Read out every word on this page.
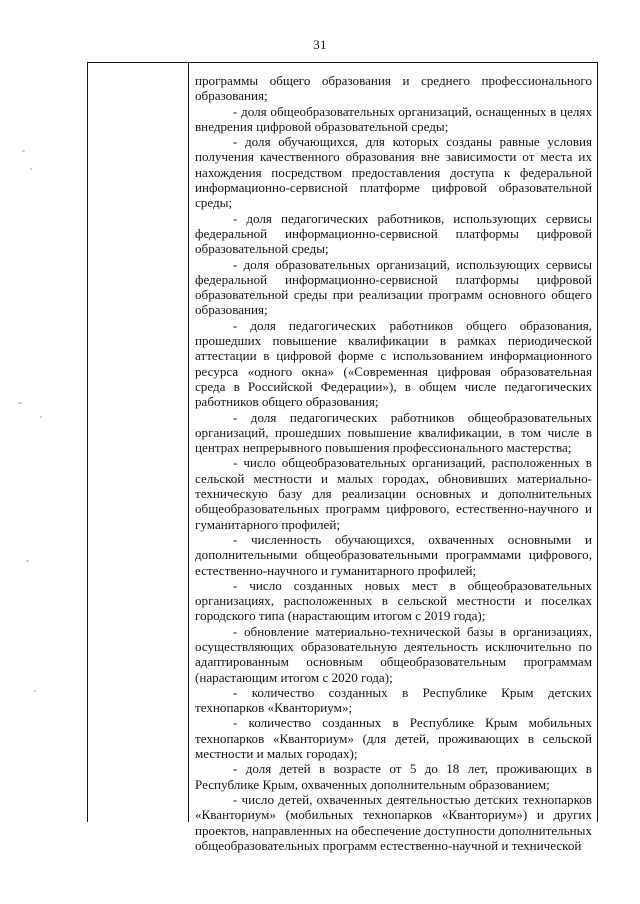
31

программы общего образования и среднего профессионального образования;

- доля общеобразовательных организаций, оснащенных в целях внедрения цифровой образовательной среды;

- доля обучающихся, для которых созданы равные условия получения качественного образования вне зависимости от места их нахождения посредством предоставления доступа к федеральной информационно-сервисной платформе цифровой образовательной среды;

- доля педагогических работников, использующих сервисы федеральной информационно-сервисной платформы цифровой образовательной среды;

- доля образовательных организаций, использующих сервисы федеральной информационно-сервисной платформы цифровой образовательной среды при реализации программ основного общего образования;

- доля педагогических работников общего образования, прошедших повышение квалификации в рамках периодической аттестации в цифровой форме с использованием информационного ресурса «одного окна» («Современная цифровая образовательная среда в Российской Федерации»), в общем числе педагогических работников общего образования;

- доля педагогических работников общеобразовательных организаций, прошедших повышение квалификации, в том числе в центрах непрерывного повышения профессионального мастерства;

- число общеобразовательных организаций, расположенных в сельской местности и малых городах, обновивших материально-техническую базу для реализации основных и дополнительных общеобразовательных программ цифрового, естественно-научного и гуманитарного профилей;

- численность обучающихся, охваченных основными и дополнительными общеобразовательными программами цифрового, естественно-научного и гуманитарного профилей;

- число созданных новых мест в общеобразовательных организациях, расположенных в сельской местности и поселках городского типа (нарастающим итогом с 2019 года);

- обновление материально-технической базы в организациях, осуществляющих образовательную деятельность исключительно по адаптированным основным общеобразовательным программам (нарастающим итогом с 2020 года);

- количество созданных в Республике Крым детских технопарков «Кванториум»;

- количество созданных в Республике Крым мобильных технопарков «Кванториум» (для детей, проживающих в сельской местности и малых городах);

- доля детей в возрасте от 5 до 18 лет, проживающих в Республике Крым, охваченных дополнительным образованием;

- число детей, охваченных деятельностью детских технопарков «Кванториум» (мобильных технопарков «Кванториум») и других проектов, направленных на обеспечение доступности дополнительных общеобразовательных программ естественно-научной и технической
